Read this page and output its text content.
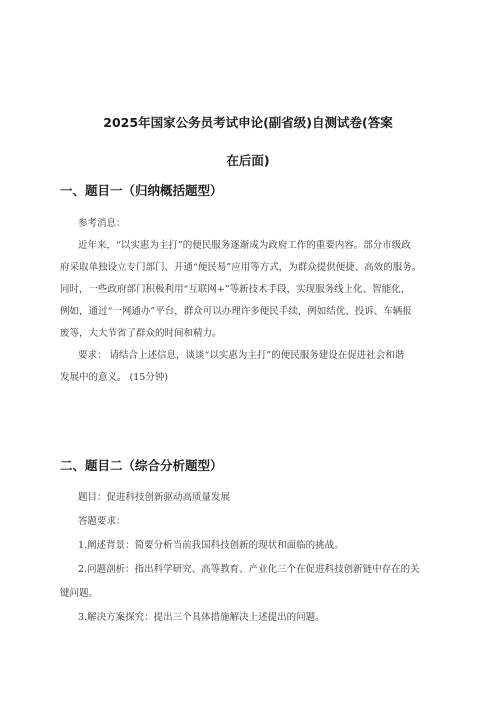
2025年国家公务员考试申论(副省级)自测试卷(答案
在后面)
一、题目一（归纳概括题型）
参考消息：
近年来，“以实惠为主打”的便民服务逐渐成为政府工作的重要内容。部分市级政
府采取单独设立专门部门、开通“便民易”应用等方式，为群众提供便捷、高效的服务。
同时，一些政府部门积极利用“互联网+”等新技术手段，实现服务线上化、智能化，
例如，通过“一网通办”平台，群众可以办理许多便民手续，例如结优、投诉、车辆报
废等，大大节省了群众的时间和精力。
要求： 请结合上述信息，谈谈“以实惠为主打”的便民服务建设在促进社会和谐
发展中的意义。 (15分钟)
二、题目二（综合分析题型）
题目：促进科技创新驱动高质量发展
答题要求：
1.阐述背景：简要分析当前我国科技创新的现状和面临的挑战。
2.问题剖析：指出科学研究、高等教育、产业化三个在促进科技创新链中存在的关
键问题。
3.解决方案探究：提出三个具体措施解决上述提出的问题。
